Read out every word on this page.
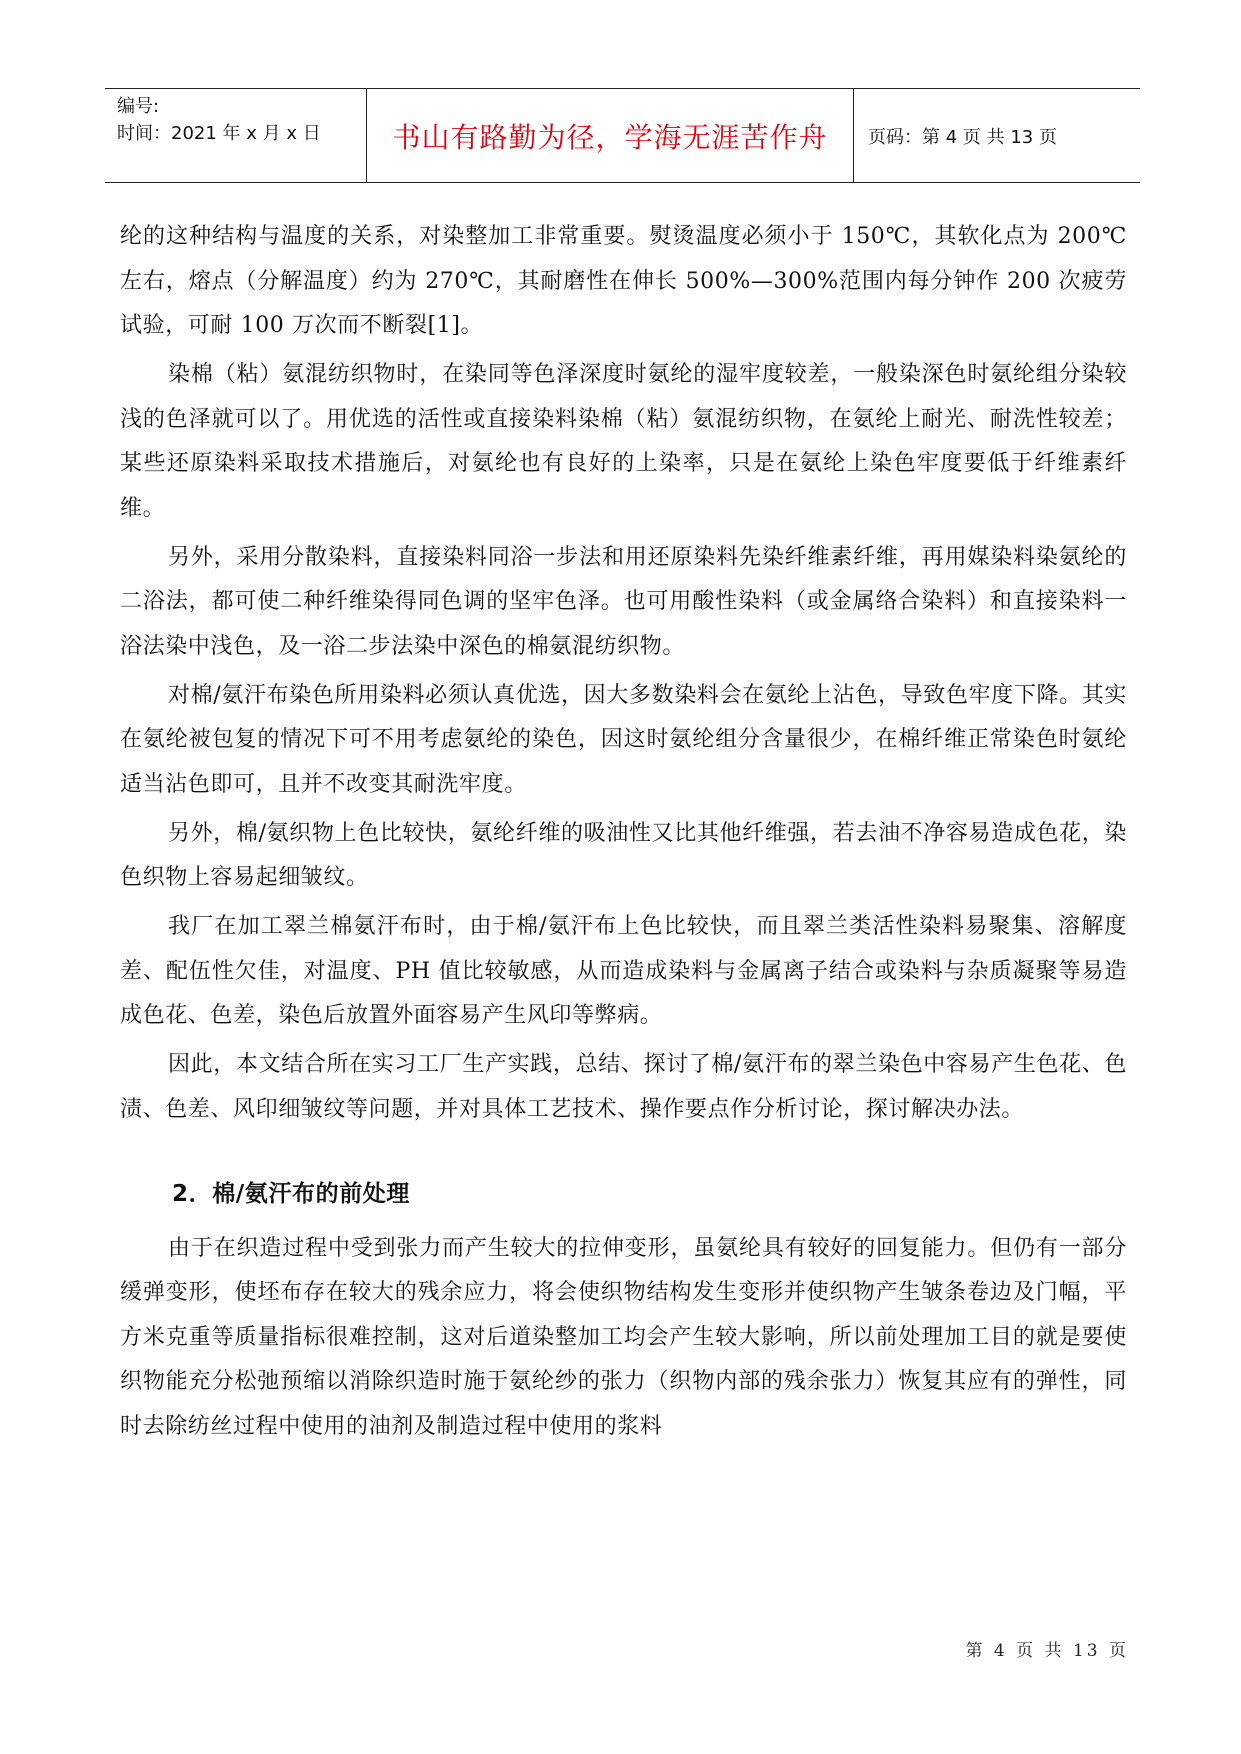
编号:
时间：2021 年 x 月 x 日	书山有路勤为径，学海无涯苦作舟 页码：第 4 页 共 13 页

纶的这种结构与温度的关系，对染整加工非常重要。熨烫温度必须小于 150℃，其软化点为 200℃左右，熔点（分解温度）约为 270℃，其耐磨性在伸长 500%—300%范围内每分钟作 200 次疲劳试验，可耐 100 万次而不断裂[1]。

染棉（粘）氨混纺织物时，在染同等色泽深度时氨纶的湿牢度较差，一般染深色时氨纶组分染较浅的色泽就可以了。用优选的活性或直接染料染棉（粘）氨混纺织物，在氨纶上耐光、耐洗性较差；某些还原染料采取技术措施后，对氨纶也有良好的上染率，只是在氨纶上染色牢度要低于纤维素纤维。

另外，采用分散染料，直接染料同浴一步法和用还原染料先染纤维素纤维，再用媒染料染氨纶的二浴法，都可使二种纤维染得同色调的坚牢色泽。也可用酸性染料（或金属络合染料）和直接染料一浴法染中浅色，及一浴二步法染中深色的棉氨混纺织物。

对棉/氨汗布染色所用染料必须认真优选，因大多数染料会在氨纶上沾色，导致色牢度下降。其实在氨纶被包复的情况下可不用考虑氨纶的染色，因这时氨纶组分含量很少，在棉纤维正常染色时氨纶适当沾色即可，且并不改变其耐洗牢度。

另外，棉/氨织物上色比较快，氨纶纤维的吸油性又比其他纤维强，若去油不净容易造成色花，染色织物上容易起细皱纹。

我厂在加工翠兰棉氨汗布时，由于棉/氨汗布上色比较快，而且翠兰类活性染料易聚集、溶解度差、配伍性欠佳，对温度、PH 值比较敏感，从而造成染料与金属离子结合或染料与杂质凝聚等易造成色花、色差，染色后放置外面容易产生风印等弊病。

因此，本文结合所在实习工厂生产实践，总结、探讨了棉/氨汗布的翠兰染色中容易产生色花、色渍、色差、风印细皱纹等问题，并对具体工艺技术、操作要点作分析讨论，探讨解决办法。

2．棉/氨汗布的前处理

由于在织造过程中受到张力而产生较大的拉伸变形，虽氨纶具有较好的回复能力。但仍有一部分缓弹变形，使坯布存在较大的残余应力，将会使织物结构发生变形并使织物产生皱条卷边及门幅，平方米克重等质量指标很难控制，这对后道染整加工均会产生较大影响，所以前处理加工目的就是要使织物能充分松弛预缩以消除织造时施于氨纶纱的张力（织物内部的残余张力）恢复其应有的弹性，同时去除纺丝过程中使用的油剂及制造过程中使用的浆料

第 4 页 共 13 页
